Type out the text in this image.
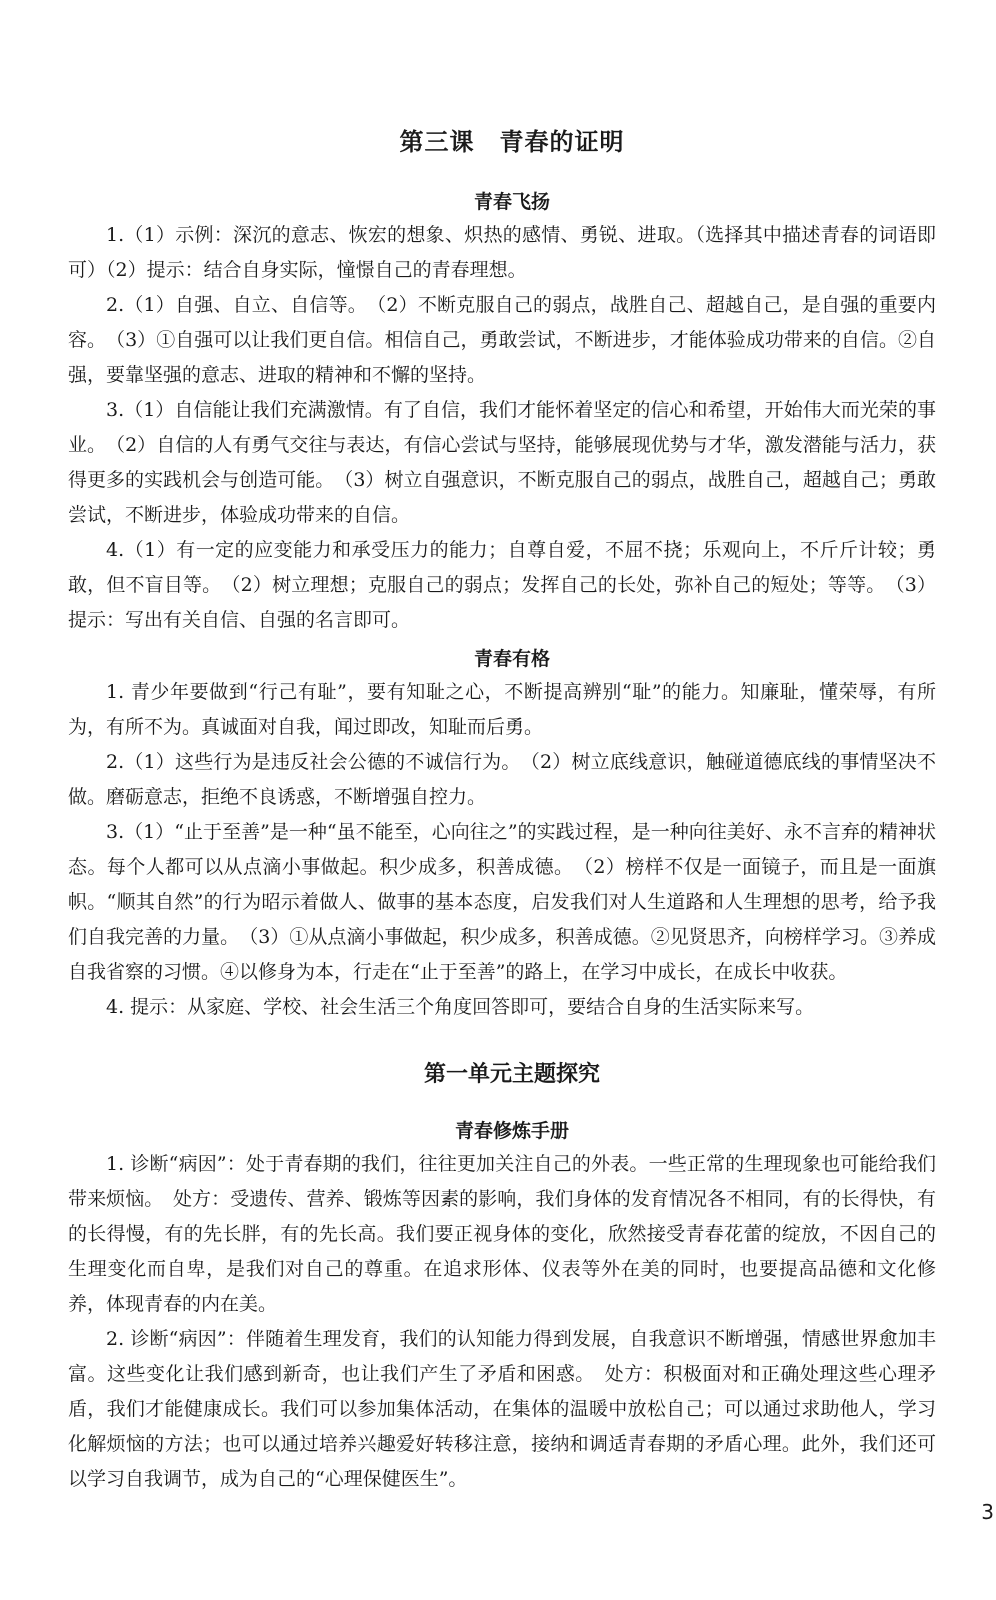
第三课　青春的证明
青春飞扬

1.（1）示例：深沉的意志、恢宏的想象、炽热的感情、勇锐、进取。（选择其中描述青春的词语即可）（2）提示：结合自身实际，憧憬自己的青春理想。

2.（1）自强、自立、自信等。　（2）不断克服自己的弱点，战胜自己、超越自己，是自强的重要内容。　（3）①自强可以让我们更自信。相信自己，勇敢尝试，不断进步，才能体验成功带来的自信。②自强，要靠坚强的意志、进取的精神和不懈的坚持。

3.（1）自信能让我们充满激情。有了自信，我们才能怀着坚定的信心和希望，开始伟大而光荣的事业。　（2）自信的人有勇气交往与表达，有信心尝试与坚持，能够展现优势与才华，激发潜能与活力，获得更多的实践机会与创造可能。　（3）树立自强意识，不断克服自己的弱点，战胜自己，超越自己；勇敢尝试，不断进步，体验成功带来的自信。

4.（1）有一定的应变能力和承受压力的能力；自尊自爱，不屈不挠；乐观向上，不斤斤计较；勇敢，但不盲目等。　（2）树立理想；克服自己的弱点；发挥自己的长处，弥补自己的短处；等等。　（3）提示：写出有关自信、自强的名言即可。

青春有格

1. 青少年要做到“行己有耻”，要有知耻之心，不断提高辨别“耻”的能力。知廉耻，懂荣辱，有所为，有所不为。真诚面对自我，闻过即改，知耻而后勇。

2.（1）这些行为是违反社会公德的不诚信行为。　（2）树立底线意识，触碰道德底线的事情坚决不做。磨砺意志，拒绝不良诱惑，不断增强自控力。

3.（1）“止于至善”是一种“虽不能至，心向往之”的实践过程，是一种向往美好、永不言弃的精神状态。每个人都可以从点滴小事做起。积少成多，积善成德。　（2）榜样不仅是一面镜子，而且是一面旗帜。“顺其自然”的行为昭示着做人、做事的基本态度，启发我们对人生道路和人生理想的思考，给予我们自我完善的力量。　（3）①从点滴小事做起，积少成多，积善成德。②见贤思齐，向榜样学习。③养成自我省察的习惯。④以修身为本，行走在“止于至善”的路上，在学习中成长，在成长中收获。

4. 提示：从家庭、学校、社会生活三个角度回答即可，要结合自身的生活实际来写。

第一单元主题探究
青春修炼手册

1. 诊断“病因”：处于青春期的我们，往往更加关注自己的外表。一些正常的生理现象也可能给我们带来烦恼。　处方：受遗传、营养、锻炼等因素的影响，我们身体的发育情况各不相同，有的长得快，有的长得慢，有的先长胖，有的先长高。我们要正视身体的变化，欣然接受青春花蕾的绽放，不因自己的生理变化而自卑，是我们对自己的尊重。在追求形体、仪表等外在美的同时，也要提高品德和文化修养，体现青春的内在美。

2. 诊断“病因”：伴随着生理发育，我们的认知能力得到发展，自我意识不断增强，情感世界愈加丰富。这些变化让我们感到新奇，也让我们产生了矛盾和困惑。　处方：积极面对和正确处理这些心理矛盾，我们才能健康成长。我们可以参加集体活动，在集体的温暖中放松自己；可以通过求助他人，学习化解烦恼的方法；也可以通过培养兴趣爱好转移注意，接纳和调适青春期的矛盾心理。此外，我们还可以学习自我调节，成为自己的“心理保健医生”。

3
